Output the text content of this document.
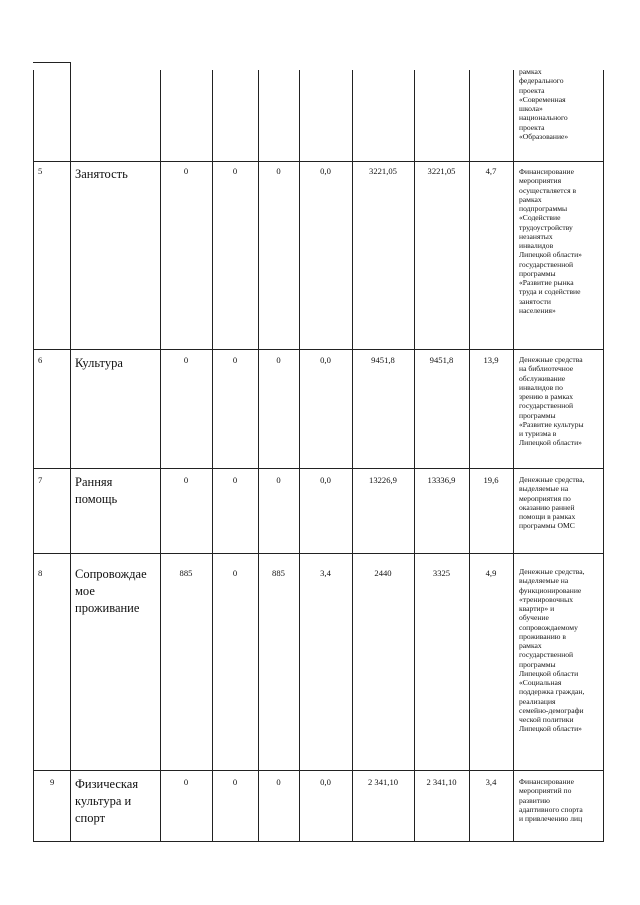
рамках
федерального
проекта
«Современная
школа»
национального
проекта
«Образование»
5	Занятость	0	0	0	0,0	3221,05	3221,05	4,7	Финансирование
мероприятия
осуществляется в
рамках
подпрограммы
«Содействие
трудоустройству
незанятых
инвалидов
Липецкой области»
государственной
программы
«Развитие рынка
труда и содействие
занятости
населения»
6	Культура	0	0	0	0,0	9451,8	9451,8	13,9	Денежные средства
на библиотечное
обслуживание
инвалидов по
зрению в рамках
государственной
программы
«Развитие культуры
и туризма в
Липецкой области»
7	Ранняя
помощь
0	0	0	0,0	13226,9	13336,9	19,6	Денежные средства,
выделяемые на
мероприятия по
оказанию ранней
помощи в рамках
программы ОМС
8	Сопровождае
мое
проживание
885	0	885	3,4	2440	3325	4,9	Денежные средства,
выделяемые на
функционирование
«тренировочных
квартир» и
обучение
сопровождаемому
проживанию в
рамках
государственной
программы
Липецкой области
«Социальная
поддержка граждан,
реализация
семейно-демографи
ческой политики
Липецкой области»
9 Физическая
культура и
спорт
0	0	0	0,0	2 341,10	2 341,10	3,4	Финансирование
мероприятий по
развитию
адаптивного спорта
и привлечению лиц
